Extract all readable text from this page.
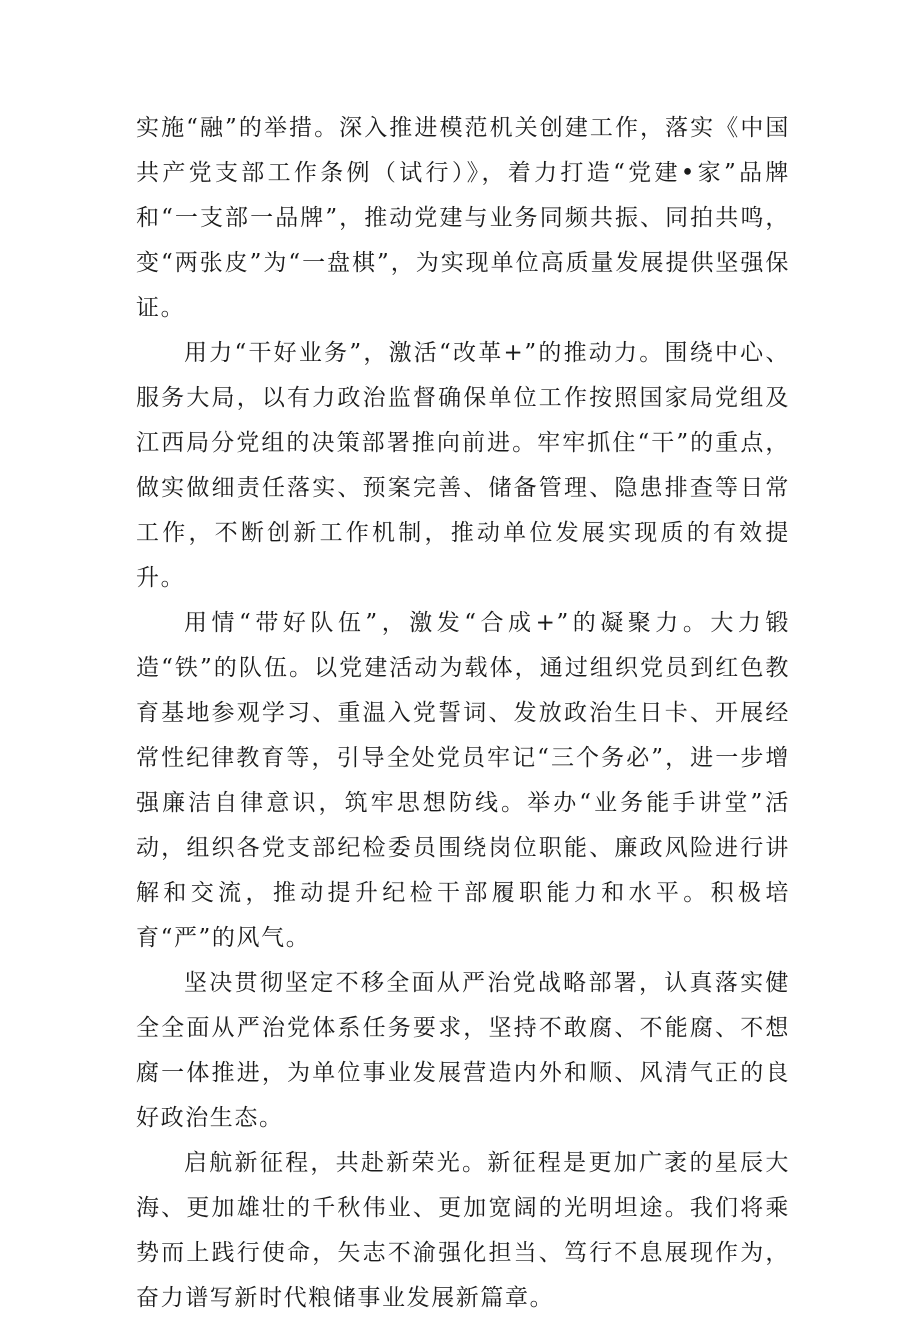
实施“融”的举措。深入推进模范机关创建工作，落实《中国共产党支部工作条例（试行）》，着力打造“党建•家”品牌和“一支部一品牌”，推动党建与业务同频共振、同拍共鸣，变“两张皮”为“一盘棋”，为实现单位高质量发展提供坚强保证。

用力“干好业务”，激活“改革+”的推动力。围绕中心、服务大局，以有力政治监督确保单位工作按照国家局党组及江西局分党组的决策部署推向前进。牢牢抓住“干”的重点，做实做细责任落实、预案完善、储备管理、隐患排查等日常工作，不断创新工作机制，推动单位发展实现质的有效提升。

用情“带好队伍”，激发“合成+”的凝聚力。大力锻造“铁”的队伍。以党建活动为载体，通过组织党员到红色教育基地参观学习、重温入党誓词、发放政治生日卡、开展经常性纪律教育等，引导全处党员牢记“三个务必”，进一步增强廉洁自律意识，筑牢思想防线。举办“业务能手讲堂”活动，组织各党支部纪检委员围绕岗位职能、廉政风险进行讲解和交流，推动提升纪检干部履职能力和水平。积极培育“严”的风气。

坚决贯彻坚定不移全面从严治党战略部署，认真落实健全全面从严治党体系任务要求，坚持不敢腐、不能腐、不想腐一体推进，为单位事业发展营造内外和顺、风清气正的良好政治生态。

启航新征程，共赴新荣光。新征程是更加广袤的星辰大海、更加雄壮的千秋伟业、更加宽阔的光明坦途。我们将乘势而上践行使命，矢志不渝强化担当、笃行不息展现作为，奋力谱写新时代粮储事业发展新篇章。
